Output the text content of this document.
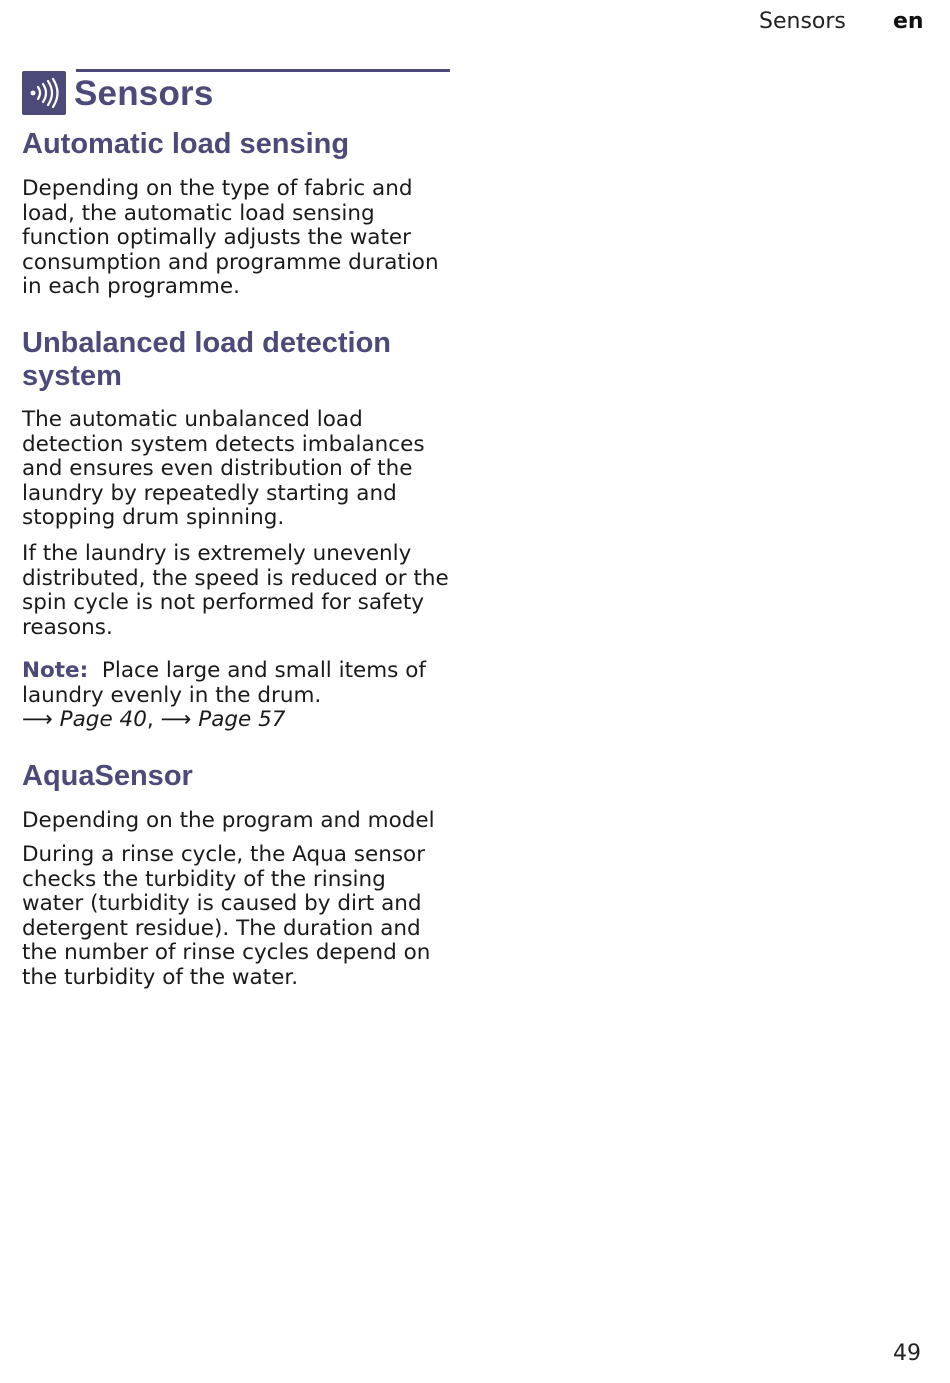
Sensors en
Sensors
Automatic load sensing

Depending on the type of fabric and load, the automatic load sensing function optimally adjusts the water consumption and programme duration in each programme.

Unbalanced load detection
system

The automatic unbalanced load detection system detects imbalances and ensures even distribution of the laundry by repeatedly starting and stopping drum spinning.

If the laundry is extremely unevenly distributed, the speed is reduced or the spin cycle is not performed for safety reasons.

Note: Place large and small items of laundry evenly in the drum.
⟶ Page 40, ⟶ Page 57

AquaSensor

Depending on the program and model

During a rinse cycle, the Aqua sensor checks the turbidity of the rinsing water (turbidity is caused by dirt and detergent residue). The duration and the number of rinse cycles depend on the turbidity of the water.

49
